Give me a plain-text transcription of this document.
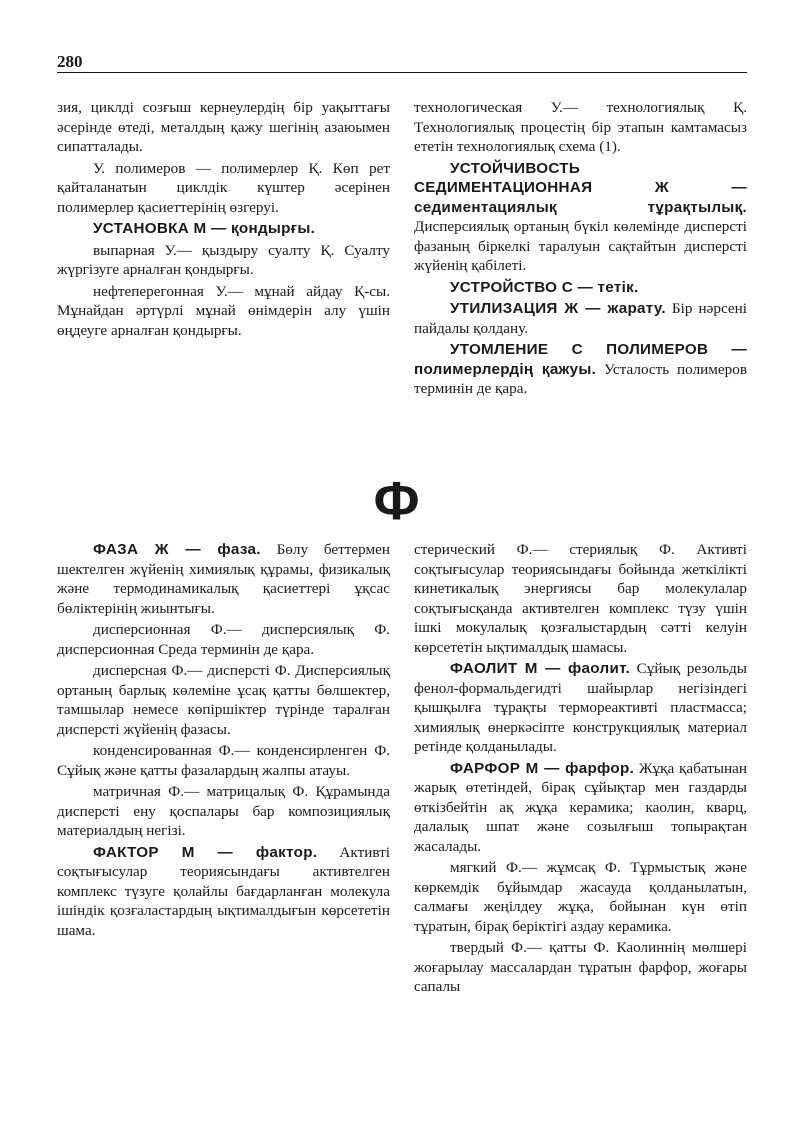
280

зия, циклді созғыш кернеулердің бір уақыттағы әсерінде өтеді, металдың қажу шегінің азаюымен сипатталады.

У. полимеров — полимерлер Қ. Көп рет қайталанатын циклдік күштер әсерінен полимерлер қасиеттерінің өзгеруі.

УСТАНОВКА М — қондырғы.

выпарная У.— қыздыру суалту Қ. Суалту жүргізуге арналған қондырғы.

нефтеперегонная У.— мұнай айдау Қ-сы. Мұнайдан әртүрлі мұнай өнімдерін алу үшін өңдеуге арналған қондырғы.

технологическая У.— технологиялық Қ. Технологиялық процестің бір этапын камтамасыз ететін технологиялық схема (1).

УСТОЙЧИВОСТЬ СЕДИМЕНТАЦИОННАЯ Ж — седиментациялық тұрақтылық. Дисперсиялық ортаның бүкіл көлемінде дисперсті фазаның біркелкі таралуын сақтайтын дисперсті жүйенің қабілеті.

УСТРОЙСТВО С — тетік.

УТИЛИЗАЦИЯ Ж — жарату. Бір нәрсені пайдалы қолдану.

УТОМЛЕНИЕ С ПОЛИМЕРОВ — полимерлердің қажуы. Усталость полимеров терминін де қара.

Ф

ФАЗА Ж — фаза. Бөлу беттермен шектелген жүйенің химиялық құрамы, физикалық және термодинамикалық қасиеттері ұқсас бөліктерінің жиынтығы.

дисперсионная Ф.— дисперсиялық Ф. дисперсионная Среда терминін де қара.

дисперсная Ф.— дисперсті Ф. Дисперсиялық ортаның барлық көлеміне ұсақ қатты бөлшектер, тамшылар немесе көпіршіктер түрінде таралған дисперсті жүйенің фазасы.

конденсированная Ф.— конденсирленген Ф. Сұйық және қатты фазалардың жалпы атауы.

матричная Ф.— матрицалық Ф. Құрамында дисперсті ену қоспалары бар композициялық материалдың негізі.

ФАКТОР М — фактор. Активті соқтығысулар теориясындағы активтелген комплекс түзуге қолайлы бағдарланған молекула ішіндік қозғаластардың ықтималдығын көрсететін шама.

стерический Ф.— стериялық Ф. Активті соқтығысулар теориясындағы бойында жеткілікті кинетикалық энергиясы бар молекулалар соқтығысқанда активтелген комплекс түзу үшін ішкі мокулалық қозғалыстардың сәтті келуін көрсететін ықтималдық шамасы.

ФАОЛИТ М — фаолит. Сұйық резольды фенол-формальдегидті шайырлар негізіндегі қышқылға тұрақты термореактивті пластмасса; химиялық өнеркәсіпте конструкциялық материал ретінде қолданылады.

ФАРФОР М — фарфор. Жұқа қабатынан жарық өтетіндей, бірақ сұйықтар мен газдарды өткізбейтін ақ жұқа керамика; каолин, кварц, далалық шпат және созылғыш топырақтан жасалады.

мягкий Ф.— жұмсақ Ф. Тұрмыстық және көркемдік бұйымдар жасауда қолданылатын, салмағы жеңілдеу жұқа, бойынан күн өтіп тұратын, бірақ беріктігі аздау керамика.

твердый Ф.— қатты Ф. Каолиннің мөлшері жоғарылау массалардан тұратын фарфор, жоғары сапалы
